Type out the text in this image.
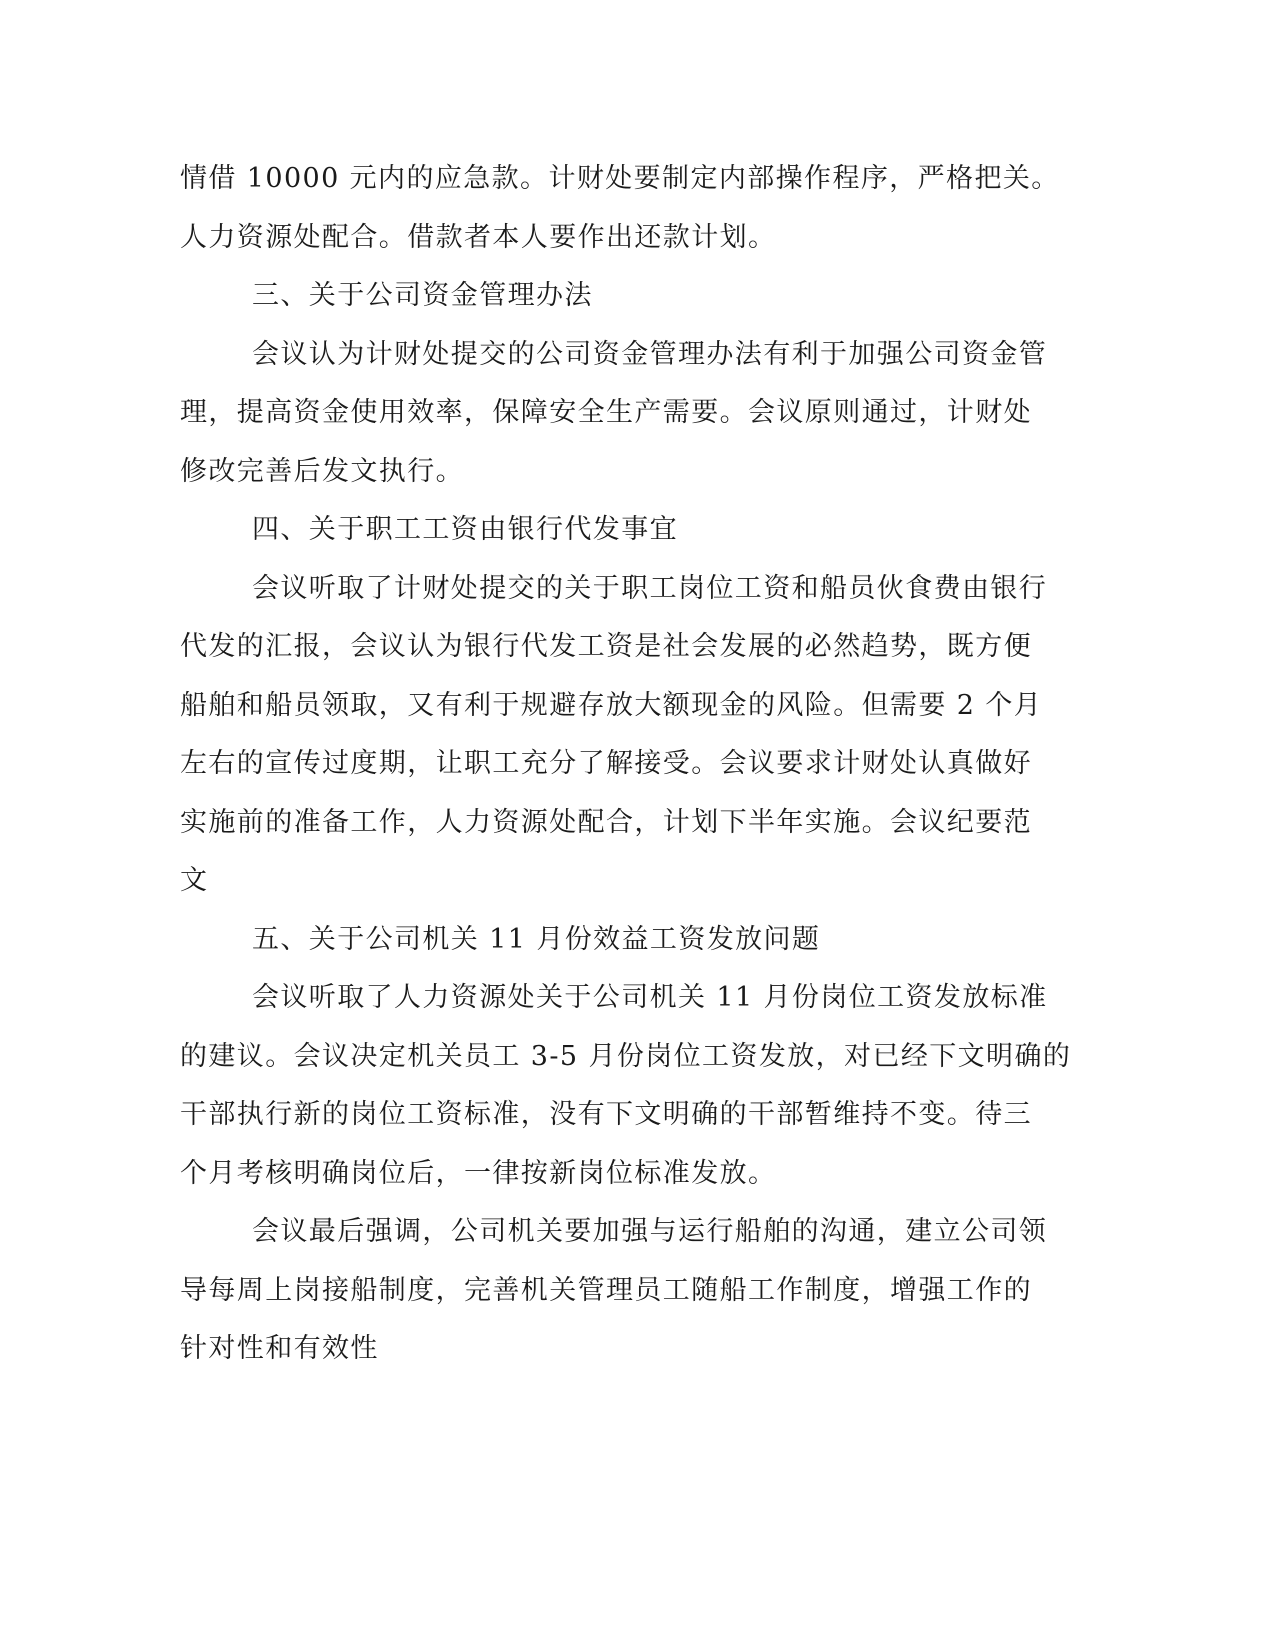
情借 10000 元内的应急款。计财处要制定内部操作程序，严格把关。
人力资源处配合。借款者本人要作出还款计划。
三、关于公司资金管理办法
会议认为计财处提交的公司资金管理办法有利于加强公司资金管
理，提高资金使用效率，保障安全生产需要。会议原则通过，计财处
修改完善后发文执行。
四、关于职工工资由银行代发事宜
会议听取了计财处提交的关于职工岗位工资和船员伙食费由银行
代发的汇报，会议认为银行代发工资是社会发展的必然趋势，既方便
船舶和船员领取，又有利于规避存放大额现金的风险。但需要 2 个月
左右的宣传过度期，让职工充分了解接受。会议要求计财处认真做好
实施前的准备工作，人力资源处配合，计划下半年实施。会议纪要范
文
五、关于公司机关 11 月份效益工资发放问题
会议听取了人力资源处关于公司机关 11 月份岗位工资发放标准
的建议。会议决定机关员工 3-5 月份岗位工资发放，对已经下文明确的
干部执行新的岗位工资标准，没有下文明确的干部暂维持不变。待三
个月考核明确岗位后，一律按新岗位标准发放。
会议最后强调，公司机关要加强与运行船舶的沟通，建立公司领
导每周上岗接船制度，完善机关管理员工随船工作制度，增强工作的
针对性和有效性
